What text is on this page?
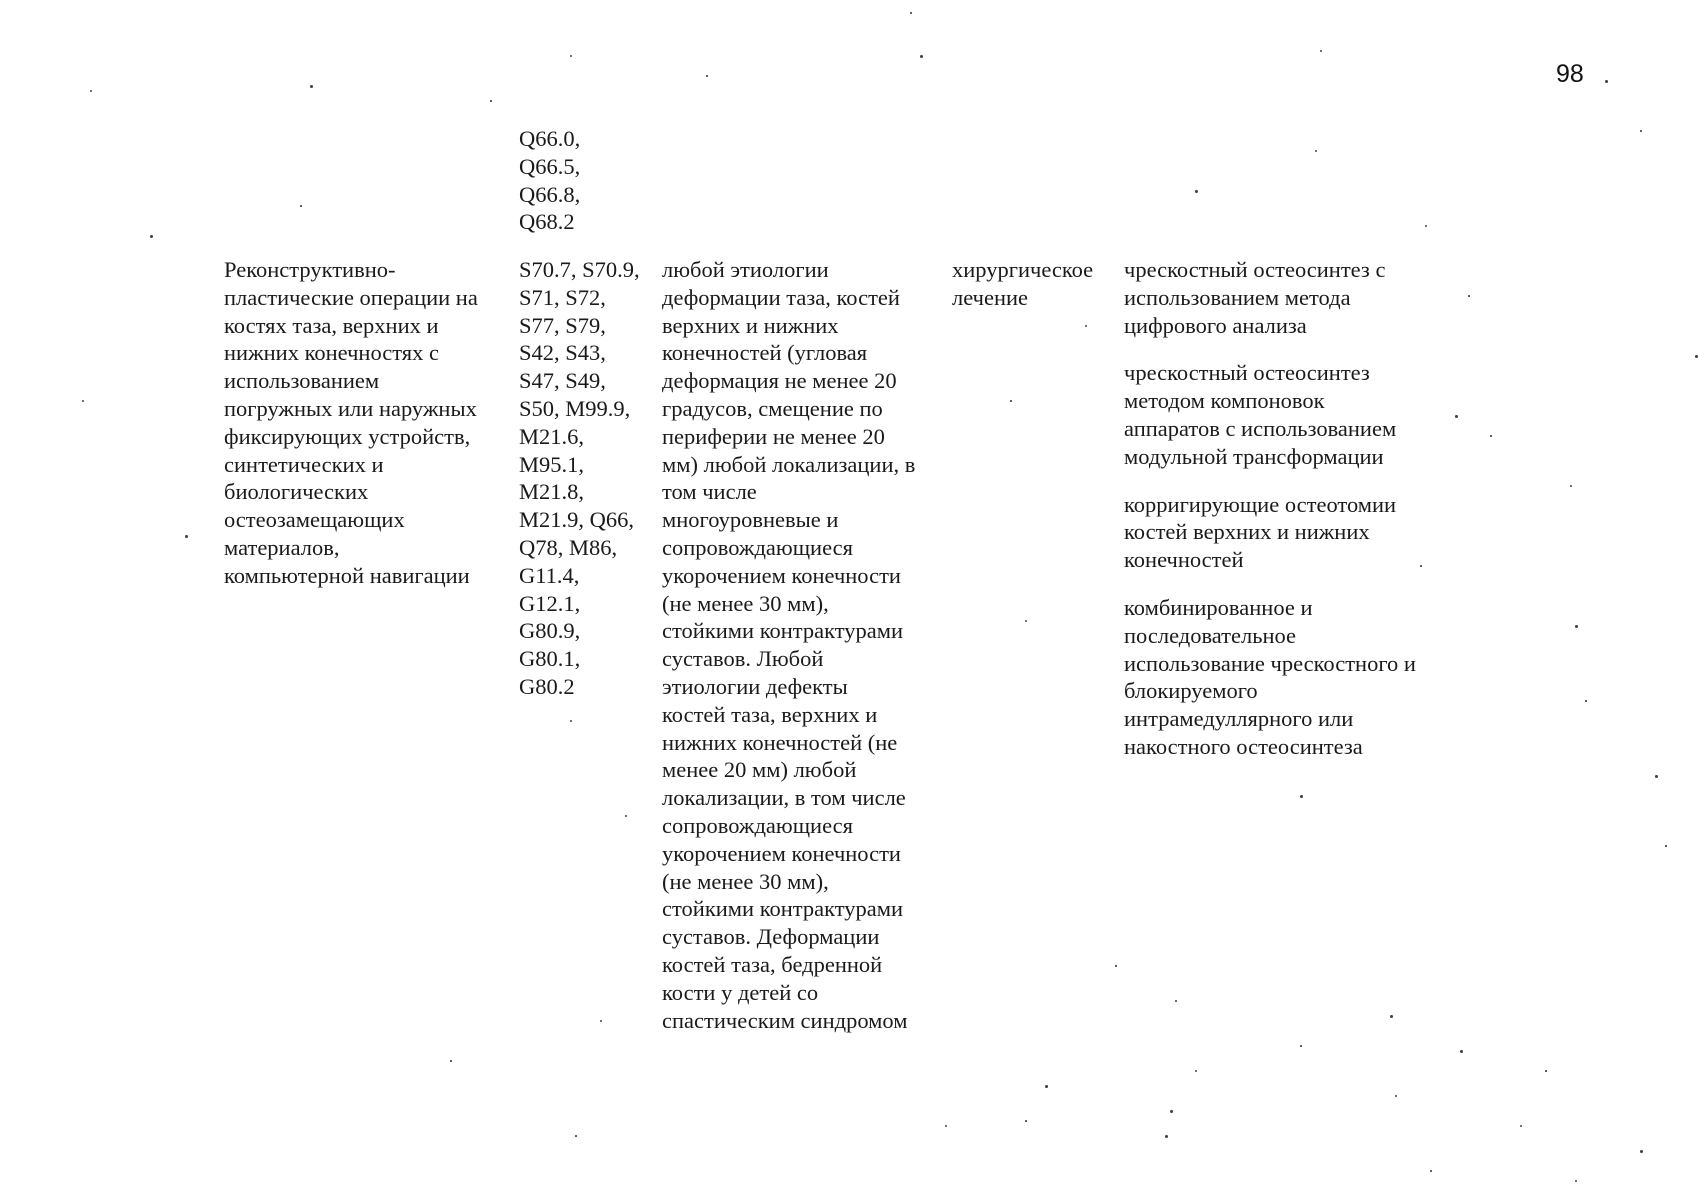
98
Q66.0,
Q66.5,
Q66.8,
Q68.2
Реконструктивно-
пластические операции на
костях таза, верхних и
нижних конечностях с
использованием
погружных или наружных
фиксирующих устройств,
синтетических и
биологических
остеозамещающих
материалов,
компьютерной навигации
S70.7, S70.9,
S71, S72,
S77, S79,
S42, S43,
S47, S49,
S50, M99.9,
M21.6,
M95.1,
M21.8,
M21.9, Q66,
Q78, M86,
G11.4,
G12.1,
G80.9,
G80.1,
G80.2
любой этиологии
деформации таза, костей
верхних и нижних
конечностей (угловая
деформация не менее 20
градусов, смещение по
периферии не менее 20
мм) любой локализации, в
том числе
многоуровневые и
сопровождающиеся
укорочением конечности
(не менее 30 мм),
стойкими контрактурами
суставов. Любой
этиологии дефекты
костей таза, верхних и
нижних конечностей (не
менее 20 мм) любой
локализации, в том числе
сопровождающиеся
укорочением конечности
(не менее 30 мм),
стойкими контрактурами
суставов. Деформации
костей таза, бедренной
кости у детей со
спастическим синдромом
хирургическое
лечение
чрескостный остеосинтез с
использованием метода
цифрового анализа
чрескостный остеосинтез
методом компоновок
аппаратов с использованием
модульной трансформации
корригирующие остеотомии
костей верхних и нижних
конечностей
комбинированное и
последовательное
использование чрескостного и
блокируемого
интрамедуллярного или
накостного остеосинтеза
